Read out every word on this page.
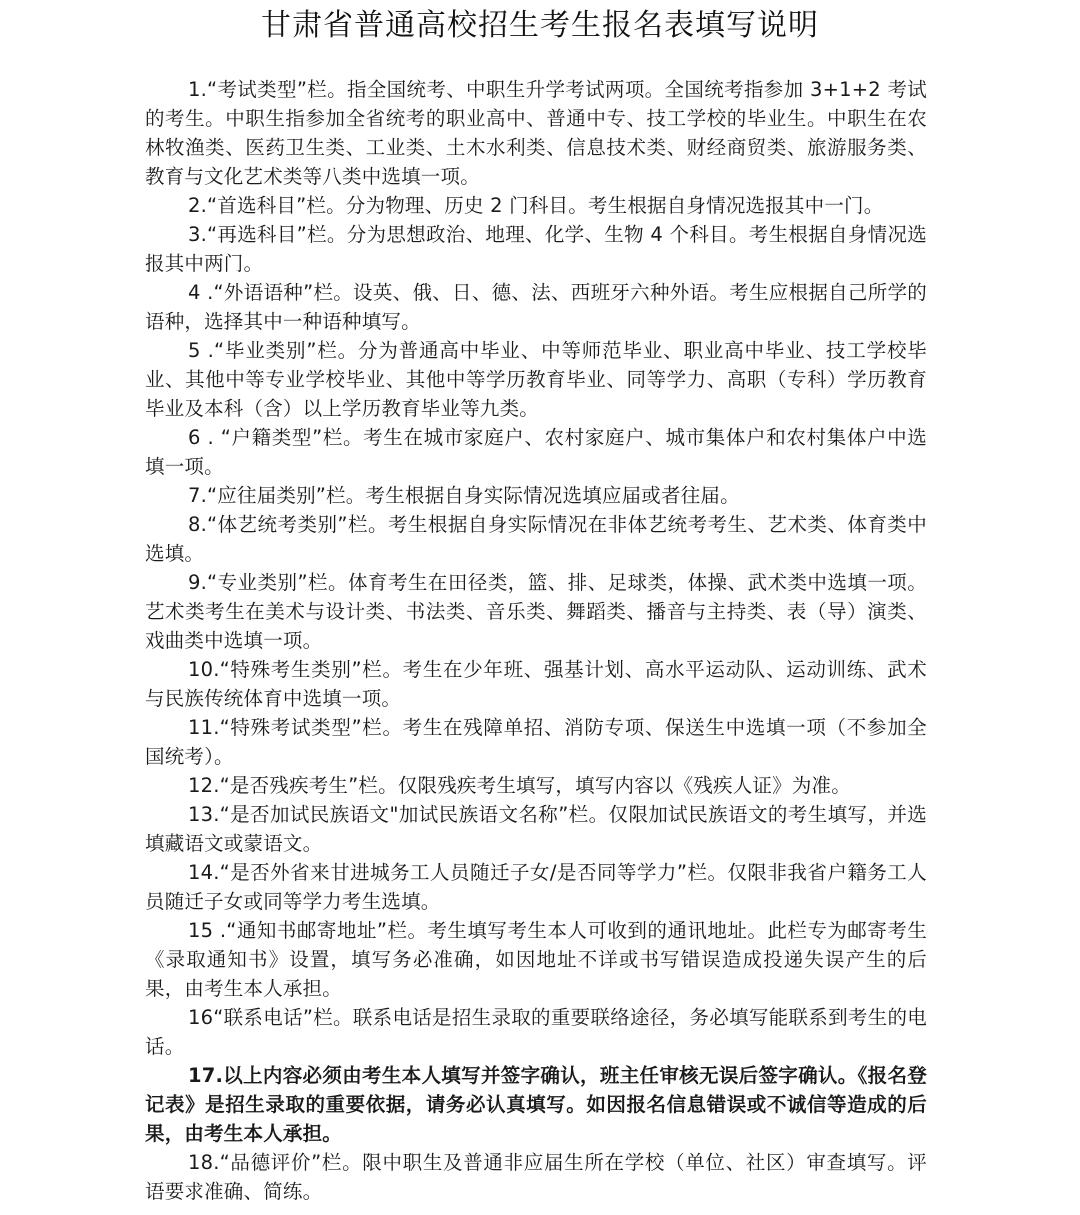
甘肃省普通高校招生考生报名表填写说明

1.“考试类型”栏。指全国统考、中职生升学考试两项。全国统考指参加 3+1+2 考试的考生。中职生指参加全省统考的职业高中、普通中专、技工学校的毕业生。中职生在农林牧渔类、医药卫生类、工业类、土木水利类、信息技术类、财经商贸类、旅游服务类、教育与文化艺术类等八类中选填一项。

2.“首选科目”栏。分为物理、历史 2 门科目。考生根据自身情况选报其中一门。

3.“再选科目”栏。分为思想政治、地理、化学、生物 4 个科目。考生根据自身情况选报其中两门。

4 .“外语语种”栏。设英、俄、日、德、法、西班牙六种外语。考生应根据自己所学的语种，选择其中一种语种填写。

5 .“毕业类别”栏。分为普通高中毕业、中等师范毕业、职业高中毕业、技工学校毕业、其他中等专业学校毕业、其他中等学历教育毕业、同等学力、高职（专科）学历教育毕业及本科（含）以上学历教育毕业等九类。

6 . “户籍类型”栏。考生在城市家庭户、农村家庭户、城市集体户和农村集体户中选填一项。

7.“应往届类别”栏。考生根据自身实际情况选填应届或者往届。

8.“体艺统考类别”栏。考生根据自身实际情况在非体艺统考考生、艺术类、体育类中选填。

9.“专业类别”栏。体育考生在田径类，篮、排、足球类，体操、武术类中选填一项。艺术类考生在美术与设计类、书法类、音乐类、舞蹈类、播音与主持类、表（导）演类、戏曲类中选填一项。

10.“特殊考生类别”栏。考生在少年班、强基计划、高水平运动队、运动训练、武术与民族传统体育中选填一项。

11.“特殊考试类型”栏。考生在残障单招、消防专项、保送生中选填一项（不参加全国统考）。

12.“是否残疾考生”栏。仅限残疾考生填写，填写内容以《残疾人证》为准。

13.“是否加试民族语文"加试民族语文名称”栏。仅限加试民族语文的考生填写，并选填藏语文或蒙语文。

14.“是否外省来甘进城务工人员随迁子女/是否同等学力”栏。仅限非我省户籍务工人员随迁子女或同等学力考生选填。

15 .“通知书邮寄地址”栏。考生填写考生本人可收到的通讯地址。此栏专为邮寄考生《录取通知书》设置，填写务必准确，如因地址不详或书写错误造成投递失误产生的后果，由考生本人承担。

16“联系电话”栏。联系电话是招生录取的重要联络途径，务必填写能联系到考生的电话。

17.以上内容必须由考生本人填写并签字确认，班主任审核无误后签字确认。《报名登记表》是招生录取的重要依据，请务必认真填写。如因报名信息错误或不诚信等造成的后果，由考生本人承担。

18.“品德评价”栏。限中职生及普通非应届生所在学校（单位、社区）审查填写。评语要求准确、简练。
